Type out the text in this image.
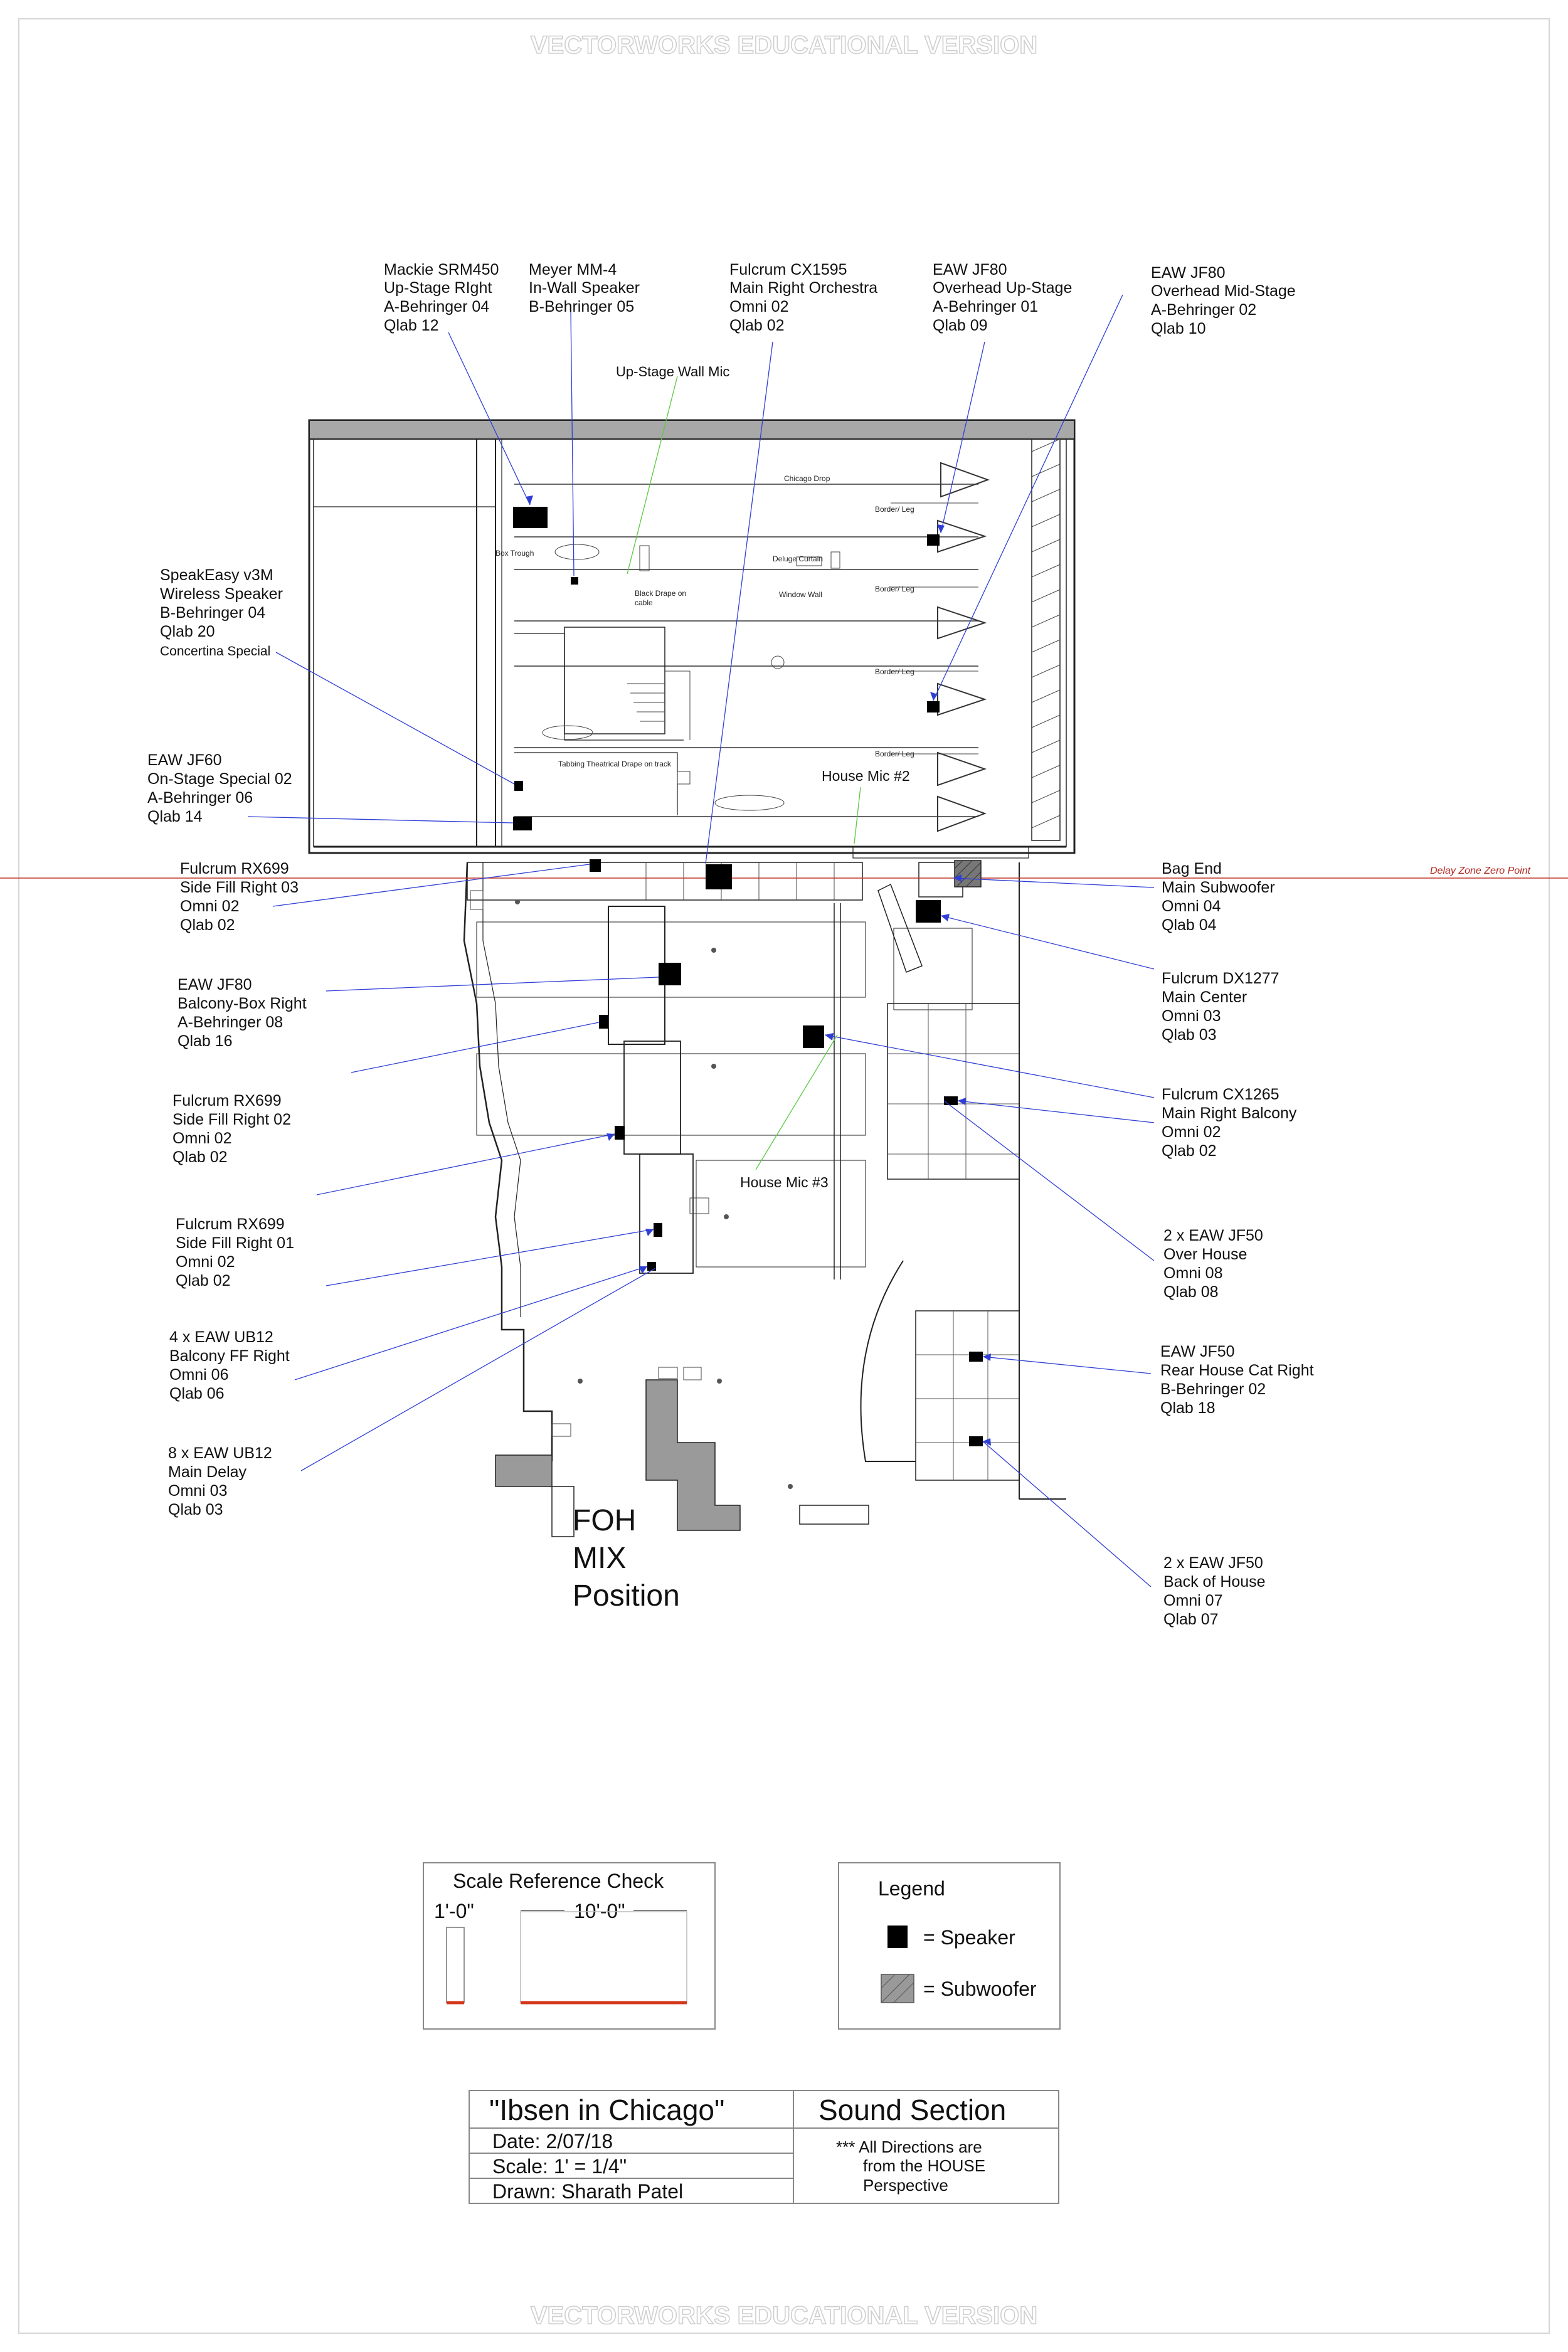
VECTORWORKS EDUCATIONAL VERSION
VECTORWORKS EDUCATIONAL VERSION
Chicago Drop
Border/ Leg
Deluge Curtain
Window Wall
Black Drape on
cable
Border/ Leg
Border/ Leg
Border/ Leg
Tabbing Theatrical Drape on track
Box Trough
Delay Zone Zero Point
Mackie SRM450
Up-Stage RIght
A-Behringer 04
Qlab 12
Meyer MM-4
In-Wall Speaker
B-Behringer 05
Fulcrum CX1595
Main Right Orchestra
Omni 02
Qlab 02
EAW JF80
Overhead Up-Stage
A-Behringer 01
Qlab 09
EAW JF80
Overhead Mid-Stage
A-Behringer 02
Qlab 10
Up-Stage Wall Mic
SpeakEasy v3M
Wireless Speaker
B-Behringer 04
Qlab 20
Concertina Special
EAW JF60
On-Stage Special 02
A-Behringer 06
Qlab 14
House Mic #2
Fulcrum RX699
Side Fill Right 03
Omni 02
Qlab 02
Bag End
Main Subwoofer
Omni 04
Qlab 04
EAW JF80
Balcony-Box Right
A-Behringer 08
Qlab 16
Fulcrum DX1277
Main Center
Omni 03
Qlab 03
Fulcrum RX699
Side Fill Right 02
Omni 02
Qlab 02
Fulcrum CX1265
Main Right Balcony
Omni 02
Qlab 02
House Mic #3
Fulcrum RX699
Side Fill Right 01
Omni 02
Qlab 02
2 x EAW JF50
Over House
Omni 08
Qlab 08
4 x EAW UB12
Balcony FF Right
Omni 06
Qlab 06
EAW JF50
Rear House Cat Right
B-Behringer 02
Qlab 18
8 x EAW UB12
Main Delay
Omni 03
Qlab 03
2 x EAW JF50
Back of House
Omni 07
Qlab 07
FOH
MIX
Position
Scale Reference Check
1'-0"	10'-0"
Legend
= Speaker
= Subwoofer
"Ibsen in Chicago"	Sound Section
Date: 2/07/18
Scale: 1' = 1/4"
Drawn: Sharath Patel
*** All Directions are
from the HOUSE
Perspective
